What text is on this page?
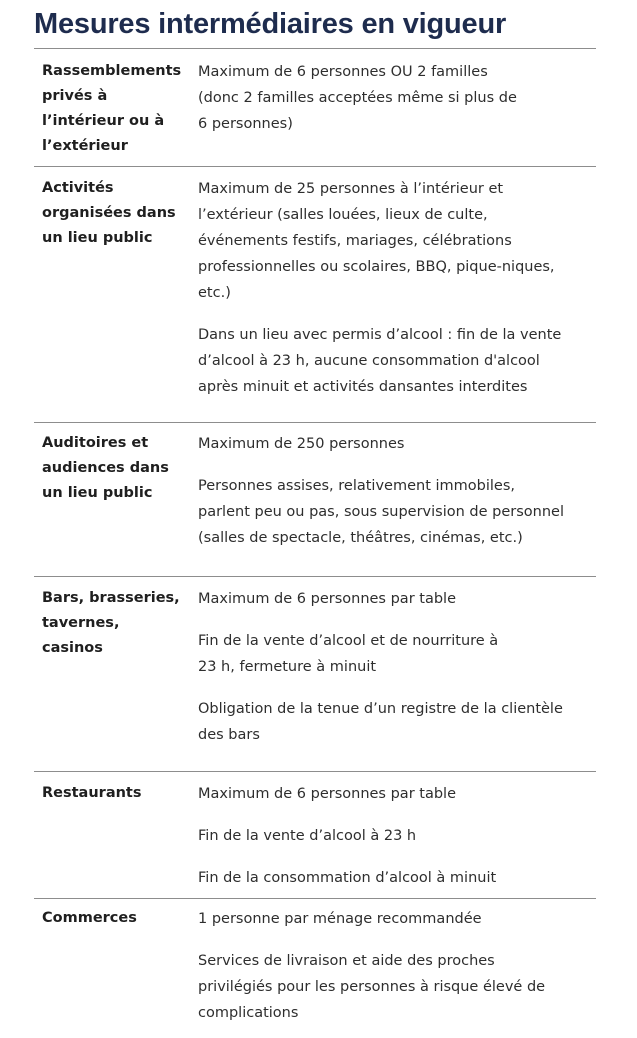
Mesures intermédiaires en vigueur
Rassemblements
privés à
l’intérieur ou à
l’extérieur

Maximum de 6 personnes OU 2 familles
(donc 2 familles acceptées même si plus de
6 personnes)

Activités
organisées dans
un lieu public

Maximum de 25 personnes à l’intérieur et
l’extérieur (salles louées, lieux de culte,
événements festifs, mariages, célébrations
professionnelles ou scolaires, BBQ, pique-niques,
etc.)

Dans un lieu avec permis d’alcool : fin de la vente
d’alcool à 23 h, aucune consommation d'alcool
après minuit et activités dansantes interdites

Auditoires et
audiences dans
un lieu public

Maximum de 250 personnes

Personnes assises, relativement immobiles,
parlent peu ou pas, sous supervision de personnel
(salles de spectacle, théâtres, cinémas, etc.)

Bars, brasseries,
tavernes,
casinos

Maximum de 6 personnes par table

Fin de la vente d’alcool et de nourriture à
23 h, fermeture à minuit

Obligation de la tenue d’un registre de la clientèle
des bars

Restaurants	Maximum de 6 personnes par table

Fin de la vente d’alcool à 23 h

Fin de la consommation d’alcool à minuit

Commerces	1 personne par ménage recommandée

Services de livraison et aide des proches
privilégiés pour les personnes à risque élevé de
complications
